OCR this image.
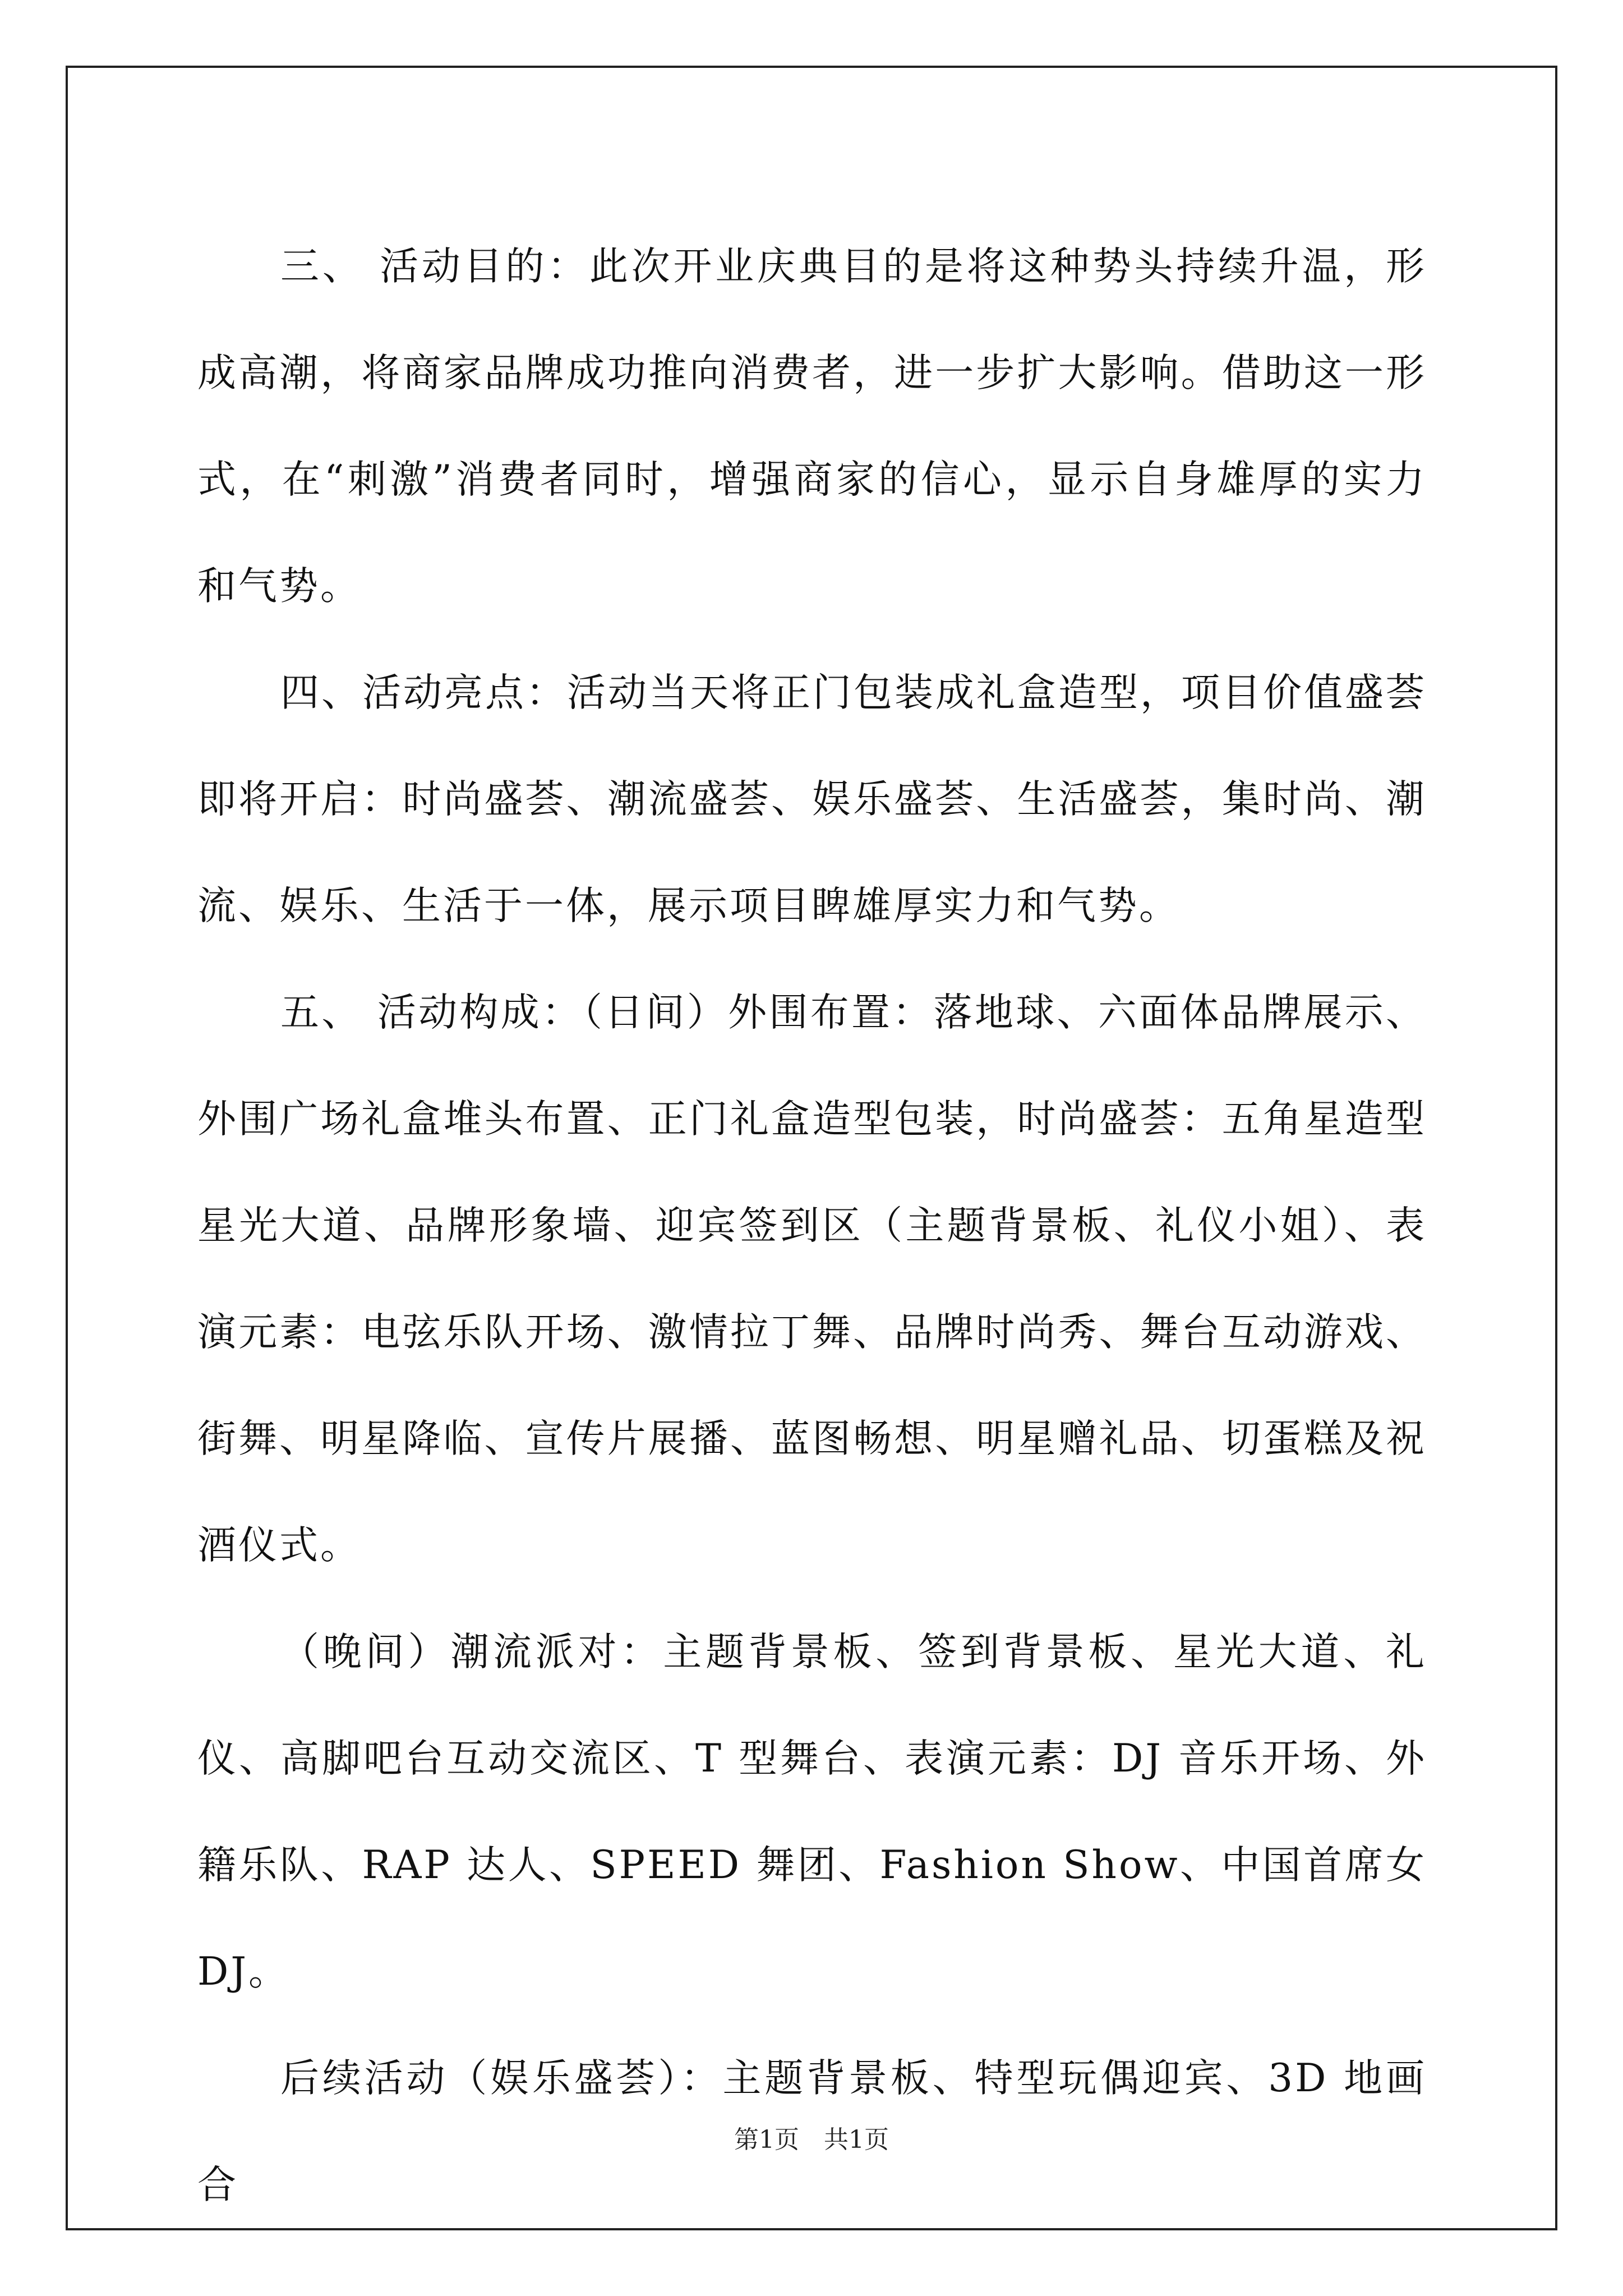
三、 活动目的：此次开业庆典目的是将这种势头持续升温，形成高潮，将商家品牌成功推向消费者，进一步扩大影响。借助这一形式，在“刺激”消费者同时，增强商家的信心，显示自身雄厚的实力和气势。

四、活动亮点：活动当天将正门包装成礼盒造型，项目价值盛荟即将开启：时尚盛荟、潮流盛荟、娱乐盛荟、生活盛荟，集时尚、潮流、娱乐、生活于一体，展示项目睥雄厚实力和气势。

五、 活动构成：（日间）外围布置：落地球、六面体品牌展示、外围广场礼盒堆头布置、正门礼盒造型包装，时尚盛荟：五角星造型星光大道、品牌形象墙、迎宾签到区（主题背景板、礼仪小姐）、表演元素：电弦乐队开场、激情拉丁舞、品牌时尚秀、舞台互动游戏、街舞、明星降临、宣传片展播、蓝图畅想、明星赠礼品、切蛋糕及祝酒仪式。

（晚间）潮流派对：主题背景板、签到背景板、星光大道、礼仪、高脚吧台互动交流区、T 型舞台、表演元素：DJ 音乐开场、外籍乐队、RAP 达人、SPEED 舞团、Fashion Show、中国首席女 DJ。

后续活动（娱乐盛荟）：主题背景板、特型玩偶迎宾、3D 地画合

第1页　共1页
